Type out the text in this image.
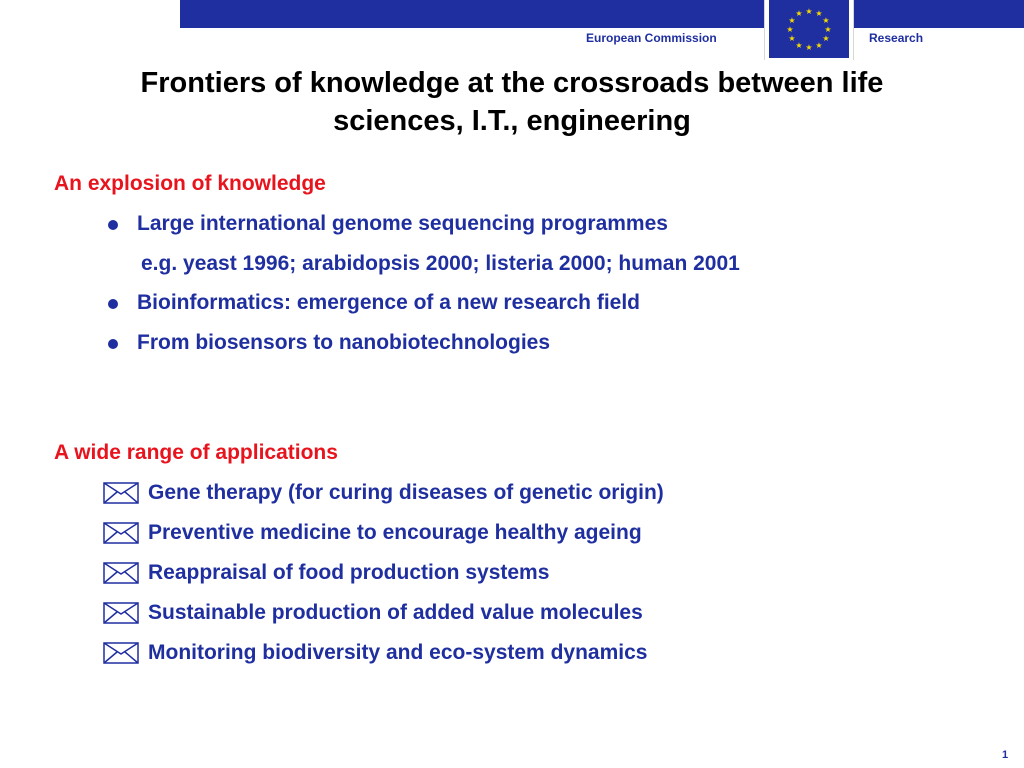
European Commission
★ ★
★
★
★
★
★
★
★
★
★
★
Research
Frontiers of knowledge at the crossroads between life
sciences, I.T., engineering
An explosion of knowledge
Large international genome sequencing programmes
e.g. yeast 1996; arabidopsis 2000; listeria 2000; human 2001
Bioinformatics: emergence of a new research field
From biosensors to nanobiotechnologies
A wide range of applications
Gene therapy (for curing diseases of genetic origin)
Preventive medicine to encourage healthy ageing
Reappraisal of food production systems
Sustainable production of added value molecules
Monitoring biodiversity and eco-system dynamics
1
